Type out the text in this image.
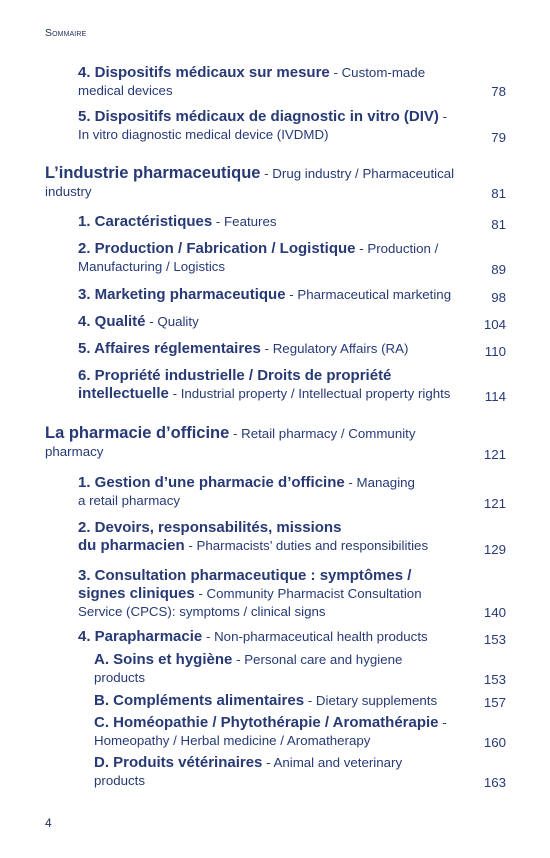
Sommaire
4. Dispositifs médicaux sur mesure - Custom-made
medical devices	78
5. Dispositifs médicaux de diagnostic in vitro (DIV) -
In vitro diagnostic medical device (IVDMD)	79
L’industrie pharmaceutique - Drug industry / Pharmaceutical
industry	81
1. Caractéristiques - Features	81
2. Production / Fabrication / Logistique - Production /
Manufacturing / Logistics	89
3. Marketing pharmaceutique - Pharmaceutical marketing	98
4. Qualité - Quality	104
5. Affaires réglementaires - Regulatory Affairs (RA)	110
6. Propriété industrielle / Droits de propriété
intellectuelle - Industrial property / Intellectual property rights	114
La pharmacie d’officine - Retail pharmacy / Community
pharmacy	121
1. Gestion d’une pharmacie d’officine - Managing
a retail pharmacy	121
2. Devoirs, responsabilités, missions
du pharmacien - Pharmacists’ duties and responsibilities	129
3. Consultation pharmaceutique : symptômes /
signes cliniques - Community Pharmacist Consultation
Service (CPCS): symptoms / clinical signs	140
4. Parapharmacie - Non-pharmaceutical health products	153
A. Soins et hygiène - Personal care and hygiene
products	153
B. Compléments alimentaires - Dietary supplements	157
C. Homéopathie / Phytothérapie / Aromathérapie -
Homeopathy / Herbal medicine / Aromatherapy	160
D. Produits vétérinaires - Animal and veterinary
products	163
4
